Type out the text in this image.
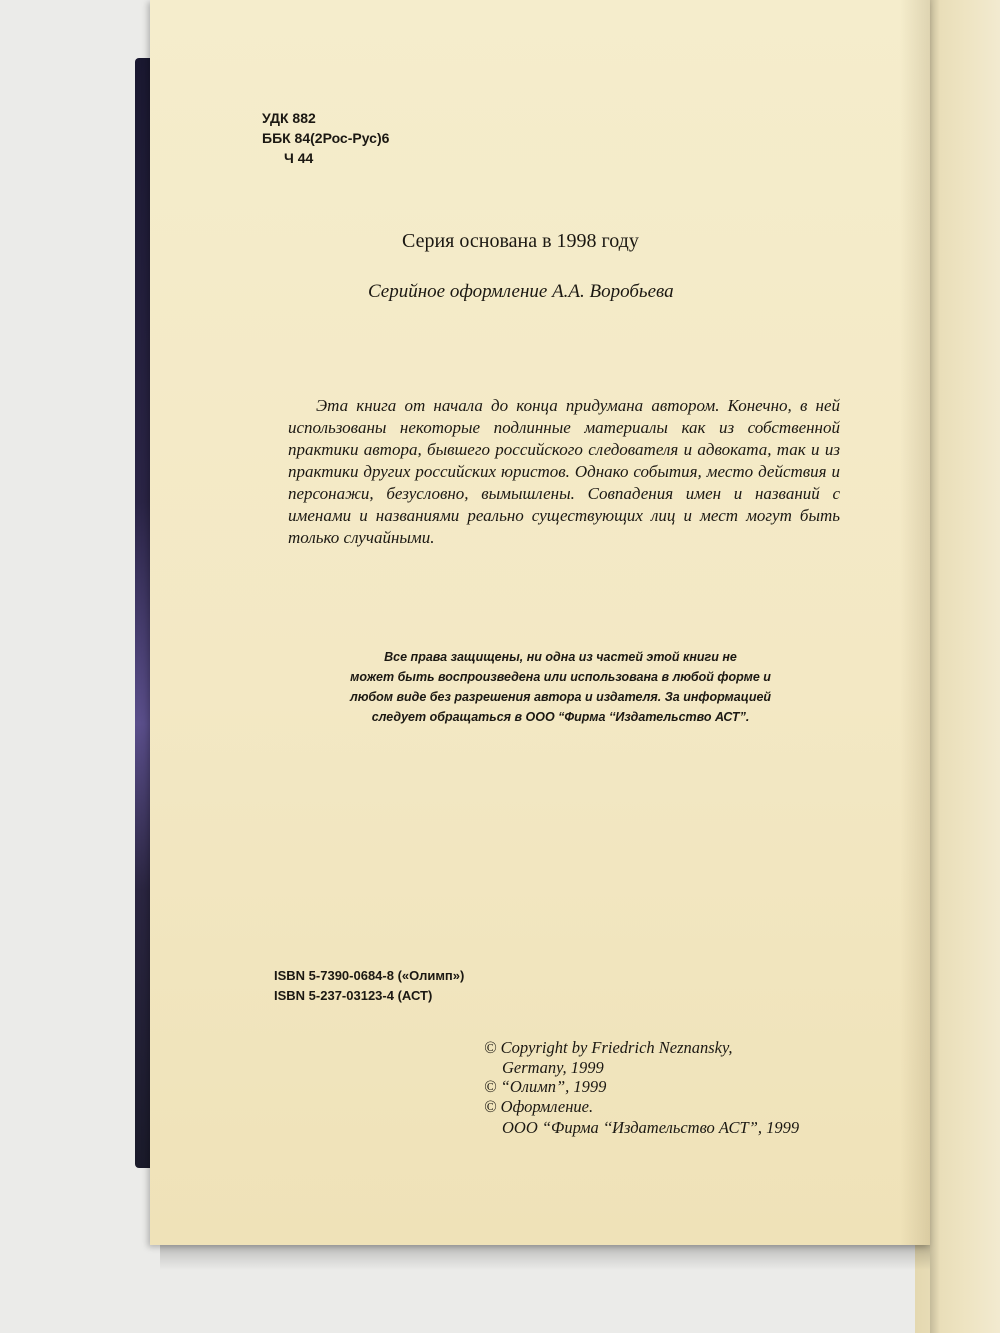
УДК 882
ББК 84(2Рос-Рус)6
Ч 44
Серия основана в 1998 году
Серийное оформление А.А. Воробьева

Эта книга от начала до конца придумана автором. Конечно, в ней использованы некоторые подлинные материалы как из собственной практики автора, бывшего российского следователя и адвоката, так и из практики других российских юристов. Однако события, место действия и персонажи, безусловно, вымышлены. Совпадения имен и названий с именами и названиями реально существующих лиц и мест могут быть только случайными.

Все права защищены, ни одна из частей этой книги не
может быть воспроизведена или использована в любой форме и
любом виде без разрешения автора и издателя. За информацией
следует обращаться в ООО “Фирма ‘‘Издательство АСТ”.
ISBN 5-7390-0684-8 («Олимп»)
ISBN 5-237-03123-4 (АСТ)
© Copyright by Friedrich Neznansky,
Germany, 1999
© “Олимп”, 1999
© Оформление.
ООО “Фирма ‘‘Издательство АСТ”, 1999
